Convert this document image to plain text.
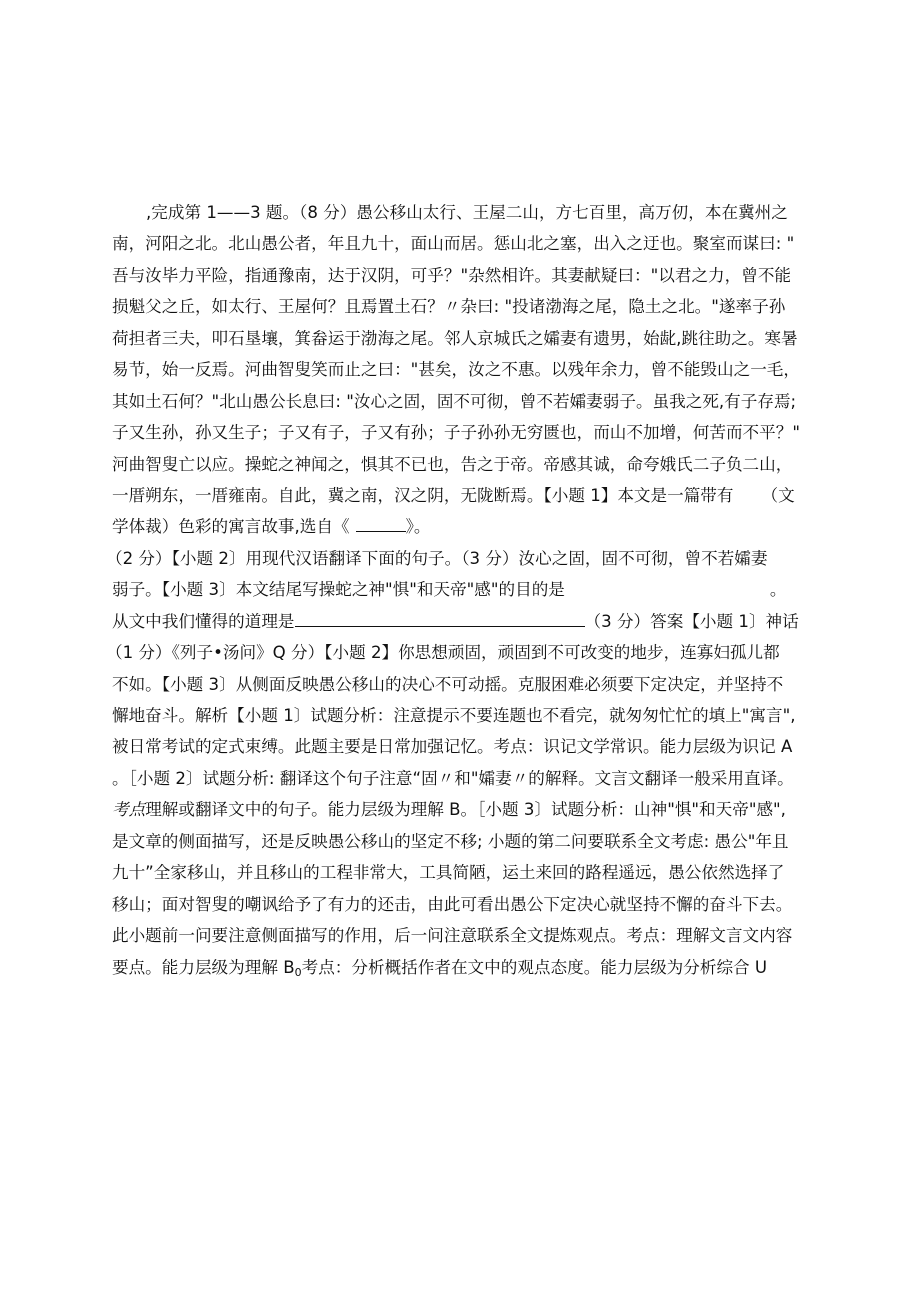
,完成第 1——3 题。（8 分）愚公移山太行、王屋二山，方七百里，高万仞，本在冀州之
南，河阳之北。北山愚公者，年且九十，面山而居。惩山北之塞，出入之迂也。聚室而谋曰: "
吾与汝毕力平险，指通豫南，达于汉阴，可乎？"杂然相许。其妻献疑曰："以君之力，曾不能
损魁父之丘，如太行、王屋何？且焉置土石？〃杂曰: "投诸渤海之尾，隐土之北。"遂率子孙
荷担者三夫，叩石垦壤，箕畚运于渤海之尾。邻人京城氏之孀妻有遗男，始龀,跳往助之。寒暑
易节，始一反焉。河曲智叟笑而止之曰："甚矣，汝之不惠。以残年余力，曾不能毁山之一毛，
其如土石何？"北山愚公长息曰: "汝心之固，固不可彻，曾不若孀妻弱子。虽我之死,有子存焉;
子又生孙，孙又生子；子又有子，子又有孙；子子孙孙无穷匮也，而山不加增，何苦而不平？"
河曲智叟亡以应。操蛇之神闻之，惧其不已也，告之于帝。帝感其诚，命夸娥氏二子负二山，
一厝朔东，一厝雍南。自此，冀之南，汉之阴，无陇断焉。【小题 1】本文是一篇带有 （文
学体裁）色彩的寓言故事,选自《	》。
（2 分）【小题 2〕用现代汉语翻译下面的句子。（3 分）汝心之固，固不可彻，曾不若孀妻
弱子。【小题 3〕本文结尾写操蛇之神"惧"和天帝"感"的目的是	。
从文中我们懂得的道理是	（3 分）答案【小题 1〕神话
（1 分）《列子•汤问》Q 分）【小题 2】你思想顽固，顽固到不可改变的地步，连寡妇孤儿都
不如。【小题 3〕从侧面反映愚公移山的决心不可动摇。克服困难必须要下定决定，并坚持不
懈地奋斗。解析【小题 1〕试题分析：注意提示不要连题也不看完，就匆匆忙忙的填上"寓言",
被日常考试的定式束缚。此题主要是日常加强记忆。考点：识记文学常识。能力层级为识记 A
。［小题 2〕试题分析: 翻译这个句子注意“固〃和"孀妻〃的解释。文言文翻译一般采用直译。
考点理解或翻译文中的句子。能力层级为理解 B。［小题 3〕试题分析：山神"惧"和天帝"感",
是文章的侧面描写，还是反映愚公移山的坚定不移; 小题的第二问要联系全文考虑: 愚公"年且
九十”全家移山，并且移山的工程非常大，工具简陋，运土来回的路程遥远，愚公依然选择了
移山；面对智叟的嘲讽给予了有力的还击，由此可看出愚公下定决心就坚持不懈的奋斗下去。
此小题前一问要注意侧面描写的作用，后一问注意联系全文提炼观点。考点：理解文言文内容
要点。能力层级为理解 $B_0$考点：分析概括作者在文中的观点态度。能力层级为分析综合 U
